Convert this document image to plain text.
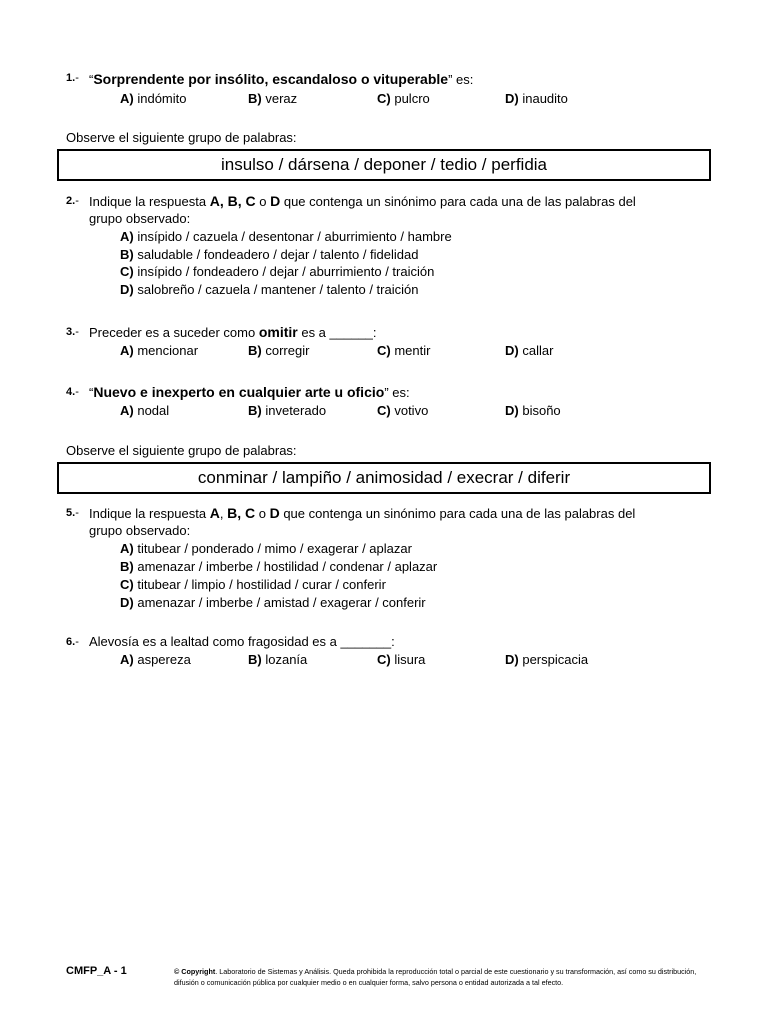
1.- “Sorprendente por insólito, escandaloso o vituperable” es:
A) indómito	B) veraz	C) pulcro	D) inaudito
Observe el siguiente grupo de palabras:
insulso / dársena / deponer / tedio / perfidia
2.- Indique la respuesta A, B, C o D que contenga un sinónimo para cada una de las palabras del
grupo observado:
A) insípido / cazuela / desentonar / aburrimiento / hambre
B) saludable / fondeadero / dejar / talento / fidelidad
C) insípido / fondeadero / dejar / aburrimiento / traición
D) salobreño / cazuela / mantener / talento / traición
3.- Preceder es a suceder como omitir es a ______:
A) mencionar	B) corregir	C) mentir	D) callar
4.- “Nuevo e inexperto en cualquier arte u oficio” es:
A) nodal	B) inveterado	C) votivo	D) bisoño
Observe el siguiente grupo de palabras:
conminar / lampiño / animosidad / execrar / diferir
5.- Indique la respuesta A, B, C o D que contenga un sinónimo para cada una de las palabras del
grupo observado:
A) titubear / ponderado / mimo / exagerar / aplazar
B) amenazar / imberbe / hostilidad / condenar / aplazar
C) titubear / limpio / hostilidad / curar / conferir
D) amenazar / imberbe / amistad / exagerar / conferir
6.- Alevosía es a lealtad como fragosidad es a _______:
A) aspereza	B) lozanía	C) lisura	D) perspicacia
CMFP_A - 1	© Copyright. Laboratorio de Sistemas y Análisis. Queda prohibida la reproducción total o parcial de este cuestionario y su transformación, así como su distribución, difusión o comunicación pública por cualquier medio o en cualquier forma, salvo persona o entidad autorizada a tal efecto.
